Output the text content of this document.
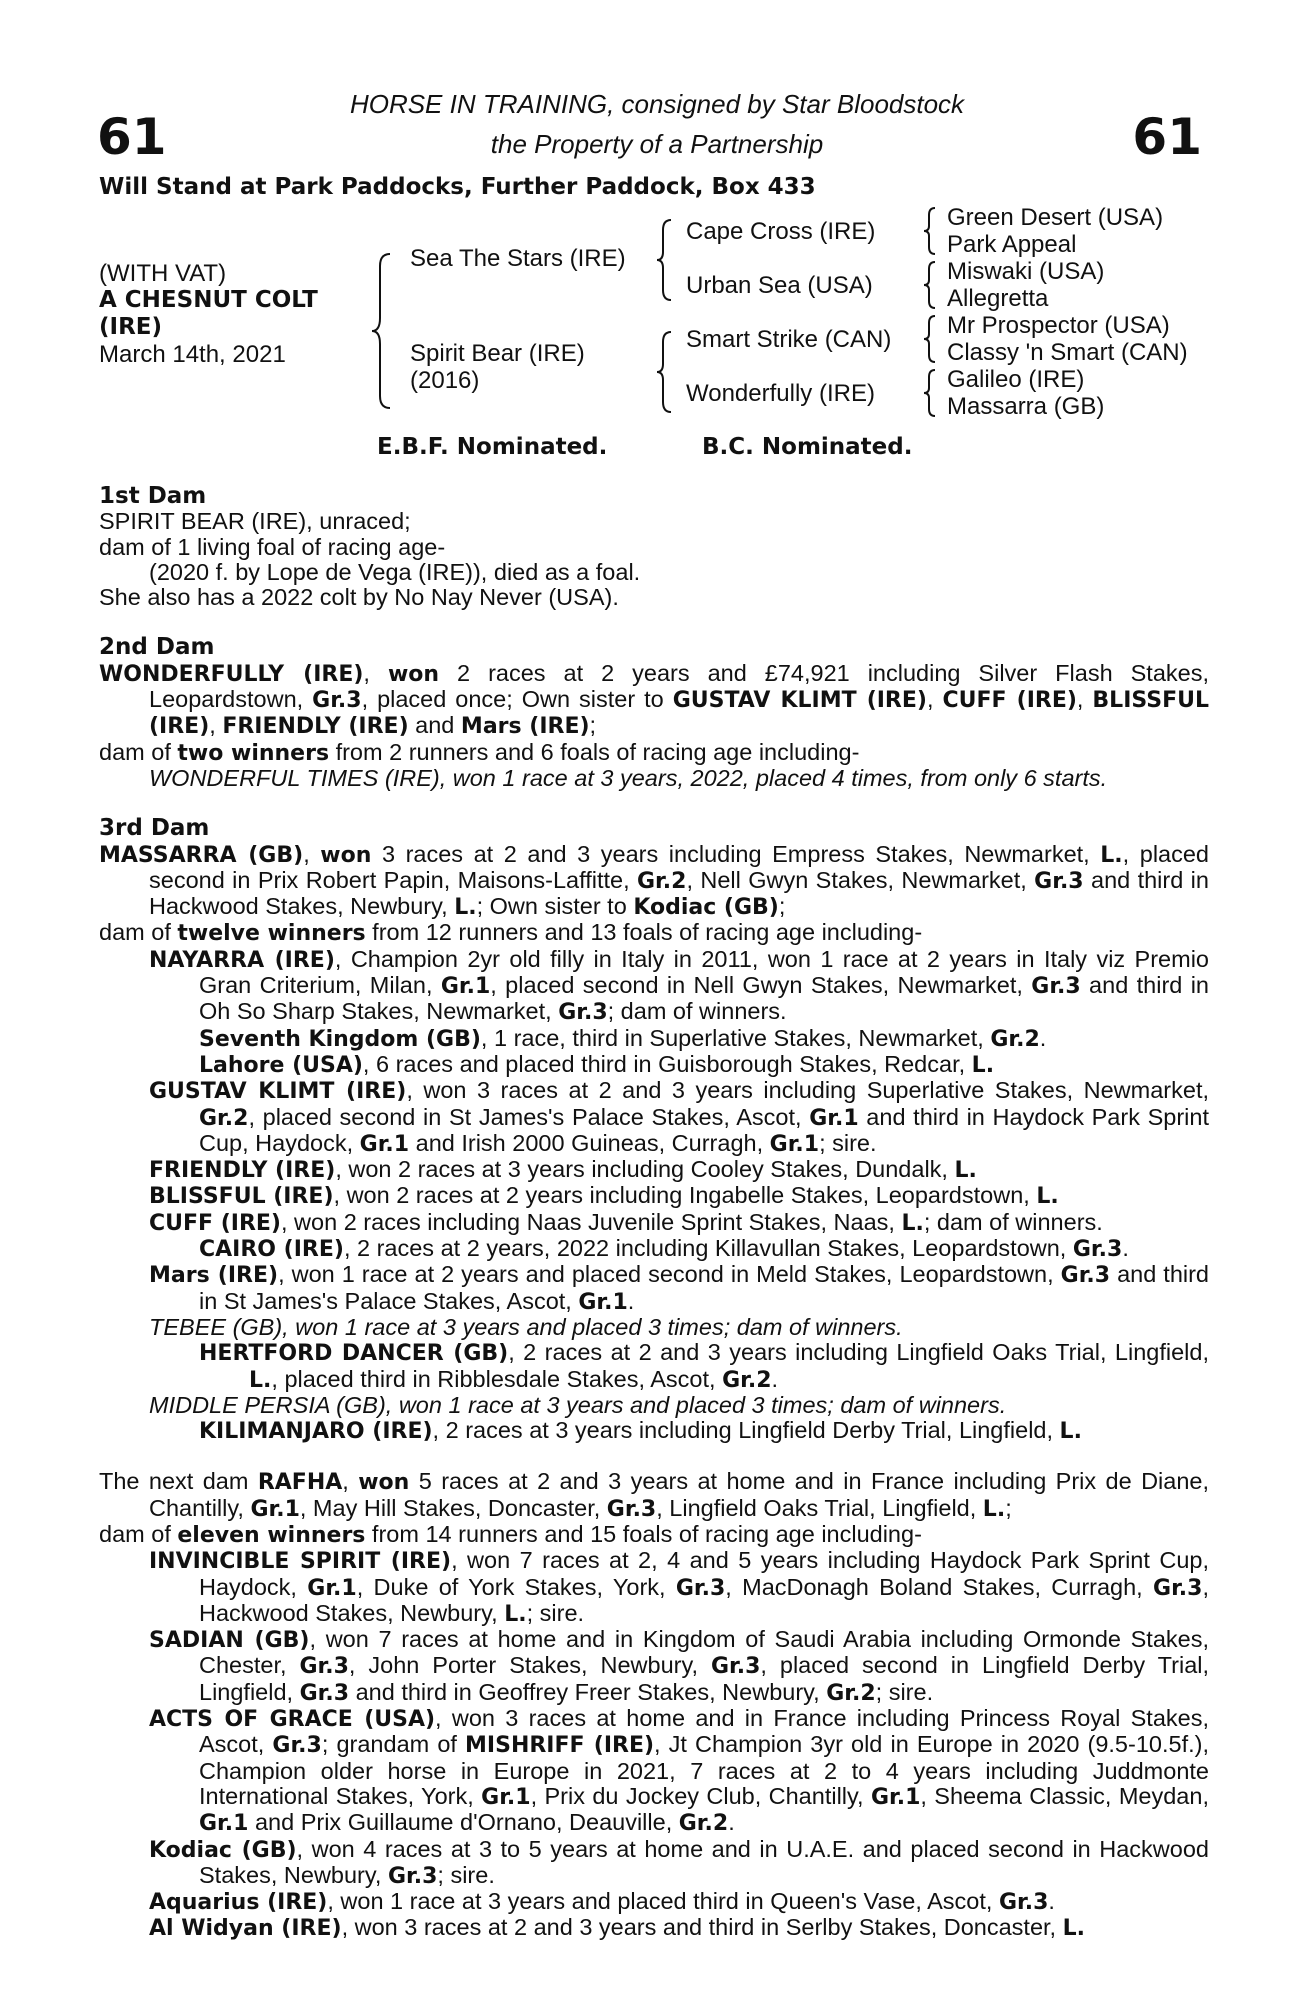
61	61
HORSE IN TRAINING, consigned by Star Bloodstock
the Property of a Partnership
Will Stand at Park Paddocks, Further Paddock, Box 433
(WITH VAT)
A CHESNUT COLT
(IRE)
March 14th, 2021
Sea The Stars (IRE)
Spirit Bear (IRE)
(2016)
Cape Cross (IRE)
Urban Sea (USA)
Smart Strike (CAN)
Wonderfully (IRE)
Green Desert (USA)
Park Appeal
Miswaki (USA)
Allegretta
Mr Prospector (USA)
Classy 'n Smart (CAN)
Galileo (IRE)
Massarra (GB)
E.B.F. Nominated.	B.C. Nominated.

1st Dam

SPIRIT BEAR (IRE), unraced;

dam of 1 living foal of racing age-

(2020 f. by Lope de Vega (IRE)), died as a foal.

She also has a 2022 colt by No Nay Never (USA).

2nd Dam

WONDERFULLY (IRE), won 2 races at 2 years and £74,921 including Silver Flash Stakes, Leopardstown, Gr.3, placed once; Own sister to GUSTAV KLIMT (IRE), CUFF (IRE), BLISSFUL (IRE), FRIENDLY (IRE) and Mars (IRE);

dam of two winners from 2 runners and 6 foals of racing age including-

WONDERFUL TIMES (IRE), won 1 race at 3 years, 2022, placed 4 times, from only 6 starts.

3rd Dam

MASSARRA (GB), won 3 races at 2 and 3 years including Empress Stakes, Newmarket, L., placed second in Prix Robert Papin, Maisons-Laffitte, Gr.2, Nell Gwyn Stakes, Newmarket, Gr.3 and third in Hackwood Stakes, Newbury, L.; Own sister to Kodiac (GB);

dam of twelve winners from 12 runners and 13 foals of racing age including-

NAYARRA (IRE), Champion 2yr old filly in Italy in 2011, won 1 race at 2 years in Italy viz Premio Gran Criterium, Milan, Gr.1, placed second in Nell Gwyn Stakes, Newmarket, Gr.3 and third in Oh So Sharp Stakes, Newmarket, Gr.3; dam of winners.

Seventh Kingdom (GB), 1 race, third in Superlative Stakes, Newmarket, Gr.2.

Lahore (USA), 6 races and placed third in Guisborough Stakes, Redcar, L.

GUSTAV KLIMT (IRE), won 3 races at 2 and 3 years including Superlative Stakes, Newmarket, Gr.2, placed second in St James's Palace Stakes, Ascot, Gr.1 and third in Haydock Park Sprint Cup, Haydock, Gr.1 and Irish 2000 Guineas, Curragh, Gr.1; sire.

FRIENDLY (IRE), won 2 races at 3 years including Cooley Stakes, Dundalk, L.

BLISSFUL (IRE), won 2 races at 2 years including Ingabelle Stakes, Leopardstown, L.

CUFF (IRE), won 2 races including Naas Juvenile Sprint Stakes, Naas, L.; dam of winners.

CAIRO (IRE), 2 races at 2 years, 2022 including Killavullan Stakes, Leopardstown, Gr.3.

Mars (IRE), won 1 race at 2 years and placed second in Meld Stakes, Leopardstown, Gr.3 and third in St James's Palace Stakes, Ascot, Gr.1.

TEBEE (GB), won 1 race at 3 years and placed 3 times; dam of winners.

HERTFORD DANCER (GB), 2 races at 2 and 3 years including Lingfield Oaks Trial, Lingfield, L., placed third in Ribblesdale Stakes, Ascot, Gr.2.

MIDDLE PERSIA (GB), won 1 race at 3 years and placed 3 times; dam of winners.

KILIMANJARO (IRE), 2 races at 3 years including Lingfield Derby Trial, Lingfield, L.

The next dam RAFHA, won 5 races at 2 and 3 years at home and in France including Prix de Diane, Chantilly, Gr.1, May Hill Stakes, Doncaster, Gr.3, Lingfield Oaks Trial, Lingfield, L.;

dam of eleven winners from 14 runners and 15 foals of racing age including-

INVINCIBLE SPIRIT (IRE), won 7 races at 2, 4 and 5 years including Haydock Park Sprint Cup, Haydock, Gr.1, Duke of York Stakes, York, Gr.3, MacDonagh Boland Stakes, Curragh, Gr.3, Hackwood Stakes, Newbury, L.; sire.

SADIAN (GB), won 7 races at home and in Kingdom of Saudi Arabia including Ormonde Stakes, Chester, Gr.3, John Porter Stakes, Newbury, Gr.3, placed second in Lingfield Derby Trial, Lingfield, Gr.3 and third in Geoffrey Freer Stakes, Newbury, Gr.2; sire.

ACTS OF GRACE (USA), won 3 races at home and in France including Princess Royal Stakes, Ascot, Gr.3; grandam of MISHRIFF (IRE), Jt Champion 3yr old in Europe in 2020 (9.5-10.5f.), Champion older horse in Europe in 2021, 7 races at 2 to 4 years including Juddmonte International Stakes, York, Gr.1, Prix du Jockey Club, Chantilly, Gr.1, Sheema Classic, Meydan, Gr.1 and Prix Guillaume d'Ornano, Deauville, Gr.2.

Kodiac (GB), won 4 races at 3 to 5 years at home and in U.A.E. and placed second in Hackwood Stakes, Newbury, Gr.3; sire.

Aquarius (IRE), won 1 race at 3 years and placed third in Queen's Vase, Ascot, Gr.3.

Al Widyan (IRE), won 3 races at 2 and 3 years and third in Serlby Stakes, Doncaster, L.
